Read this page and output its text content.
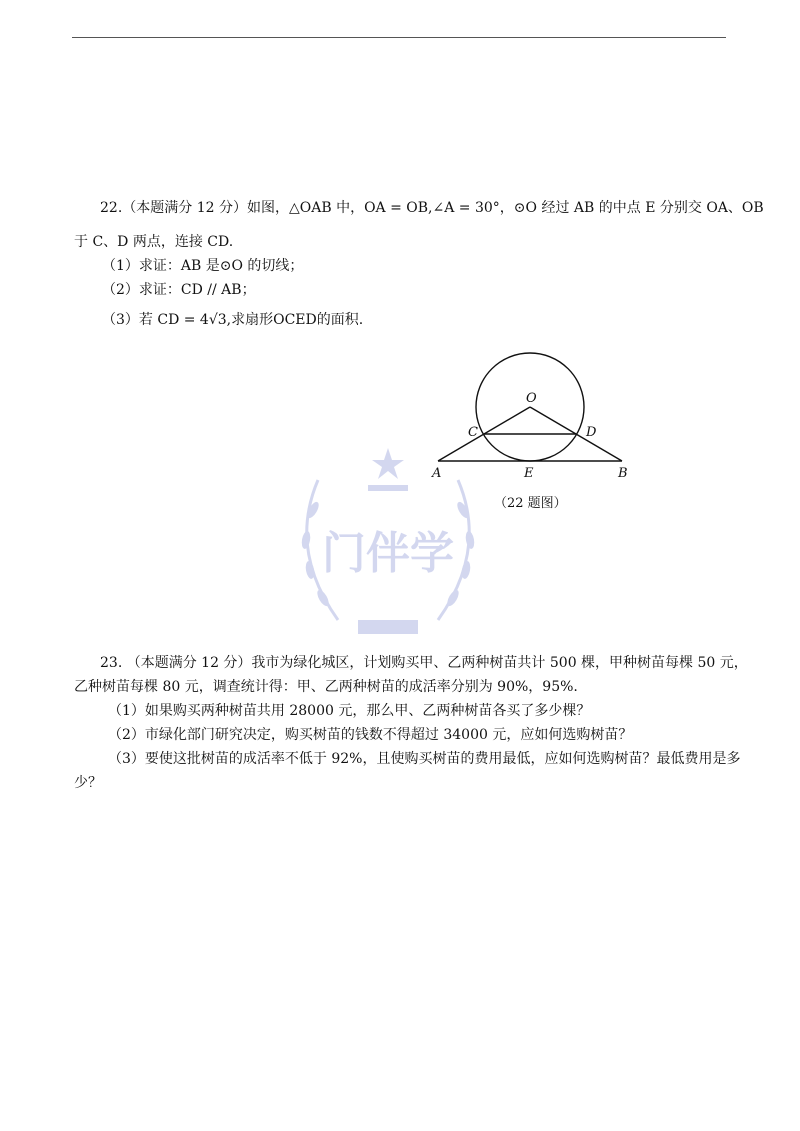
门伴学
22.（本题满分 12 分）如图，△OAB 中，OA = OB,∠A = 30°，⊙O 经过 AB 的中点 E 分别交 OA、OB
于 C、D 两点，连接 CD.
（1）求证：AB 是⊙O 的切线；
（2）求证：CD // AB；
（3）若 CD = 4√3,求扇形OCED的面积.
O
C	D
A	E	B
（22 题图）
23. （本题满分 12 分）我市为绿化城区，计划购买甲、乙两种树苗共计 500 棵，甲种树苗每棵 50 元，
乙种树苗每棵 80 元，调查统计得：甲、乙两种树苗的成活率分别为 90%，95%.
（1）如果购买两种树苗共用 28000 元，那么甲、乙两种树苗各买了多少棵？
（2）市绿化部门研究决定，购买树苗的钱数不得超过 34000 元，应如何选购树苗？
（3）要使这批树苗的成活率不低于 92%，且使购买树苗的费用最低，应如何选购树苗？最低费用是多
少？
